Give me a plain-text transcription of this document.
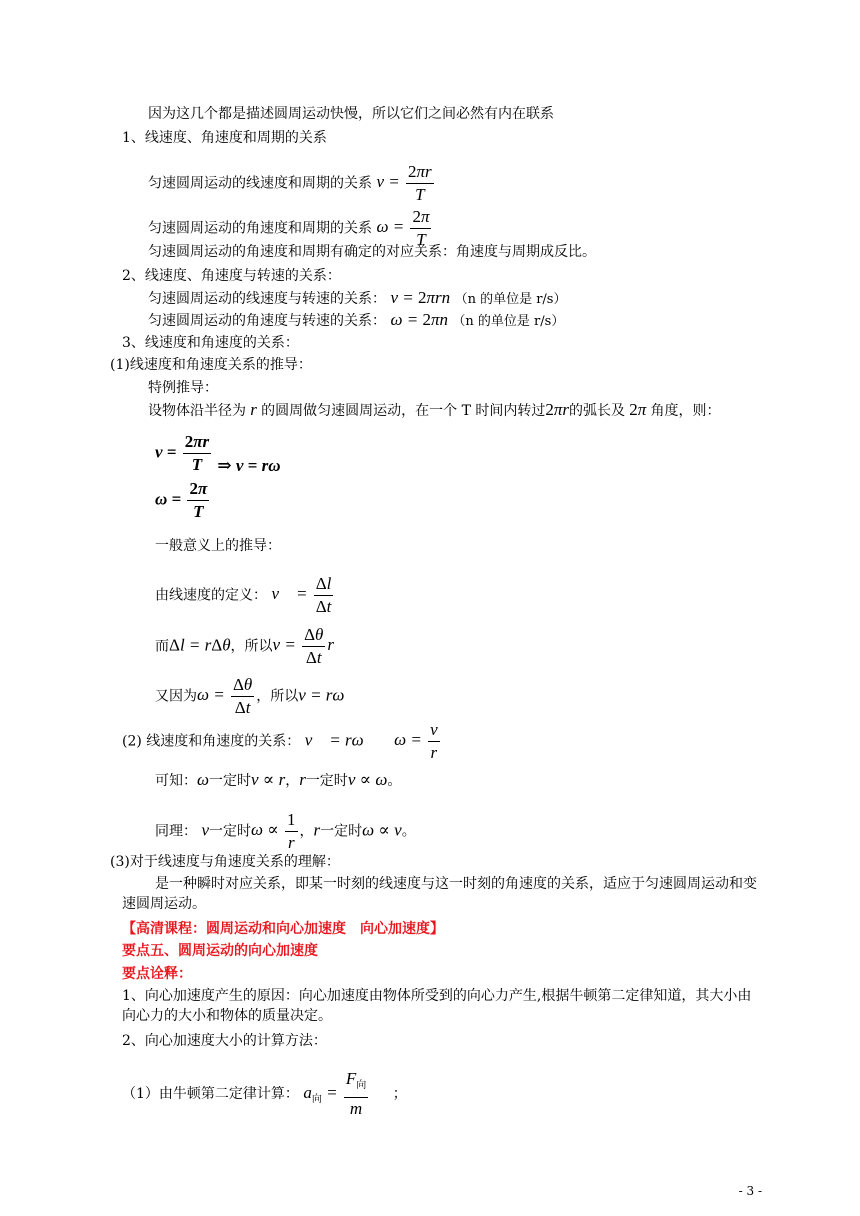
因为这几个都是描述圆周运动快慢，所以它们之间必然有内在联系
1、线速度、角速度和周期的关系
匀速圆周运动的线速度和周期的关系 $v = \frac{2\pi r}{T}$
匀速圆周运动的角速度和周期的关系 $\omega = \frac{2\pi}{T}$
匀速圆周运动的角速度和周期有确定的对应关系：角速度与周期成反比。
2、线速度、角速度与转速的关系：
匀速圆周运动的线速度与转速的关系： v = 2πrn （n 的单位是 r/s）
匀速圆周运动的角速度与转速的关系： ω = 2πn （n 的单位是 r/s）
3、线速度和角速度的关系：
(1)线速度和角速度关系的推导：
特例推导：
设物体沿半径为 r 的圆周做匀速圆周运动，在一个 T 时间内转过2πr的弧长及 2π 角度，则：
$v = \frac{2\pi r}{T}$ ⇒ v = rω
$\omega = \frac{2\pi}{T}$
一般意义上的推导：
由线速度的定义： v　= $\frac{\Delta l}{\Delta t}$
而Δl = rΔθ，所以$v = \frac{\Delta\theta}{\Delta t}$ r
又因为$\omega = \frac{\Delta\theta}{\Delta t}$ ，所以v = rω
(2) 线速度和角速度的关系： v　= rω $\omega = \frac{v}{r}$
可知：ω一定时v ∝ r，r一定时v ∝ ω。
同理： v一定时$\omega \propto \frac{1}{r}$ ，r一定时ω ∝ v。
(3)对于线速度与角速度关系的理解：
是一种瞬时对应关系，即某一时刻的线速度与这一时刻的角速度的关系，适应于匀速圆周运动和变速圆周运动。
【高清课程：圆周运动和向心加速度　向心加速度】
要点五、圆周运动的向心加速度
要点诠释：
1、向心加速度产生的原因：向心加速度由物体所受到的向心力产生,根据牛顿第二定律知道，其大小由向心力的大小和物体的质量决定。
2、向心加速度大小的计算方法：
（1）由牛顿第二定律计算： $a_向 = \frac{F_向}{m}$ ；
- 3 -
